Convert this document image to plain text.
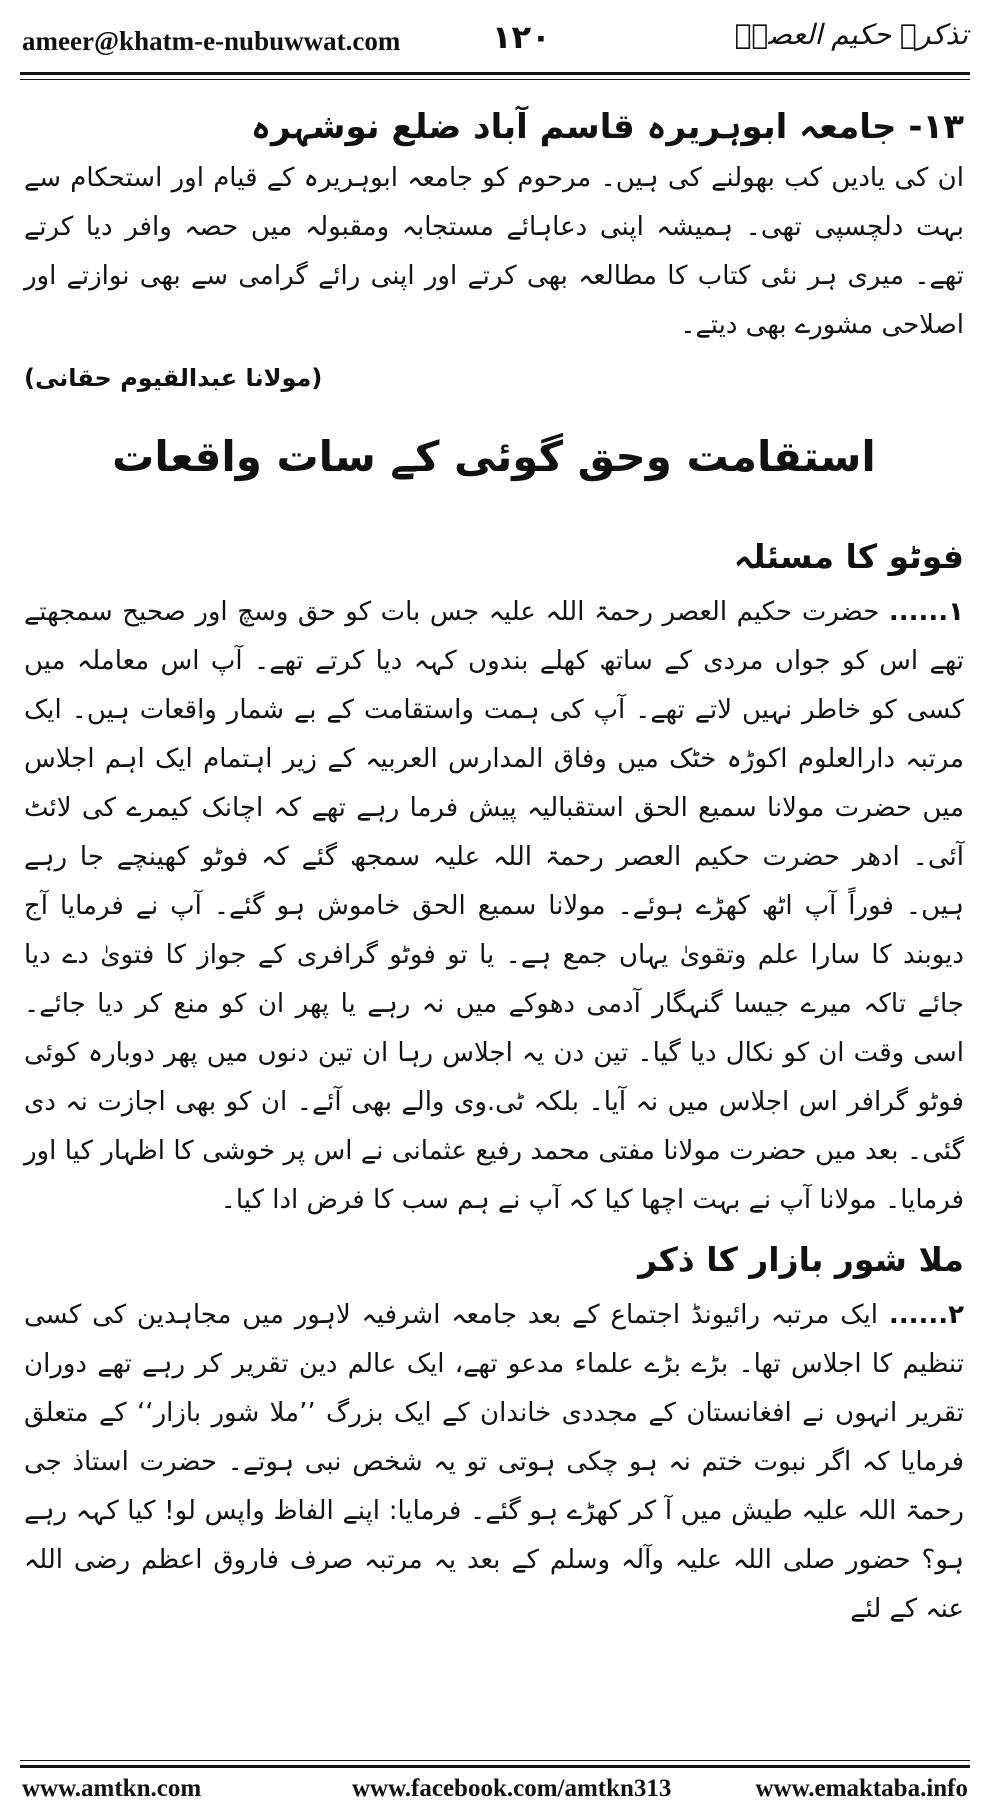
ameer@khatm-e-nubuwwat.com	۱۲۰	تذکرہ حکیم العصرؒ
۱۳- جامعہ ابوہریرہ قاسم آباد ضلع نوشہرہ

ان کی یادیں کب بھولنے کی ہیں۔ مرحوم کو جامعہ ابوہریرہ کے قیام اور استحکام سے بہت دلچسپی تھی۔ ہمیشہ اپنی دعاہائے مستجابہ ومقبولہ میں حصہ وافر دیا کرتے تھے۔ میری ہر نئی کتاب کا مطالعہ بھی کرتے اور اپنی رائے گرامی سے بھی نوازتے اور اصلاحی مشورے بھی دیتے۔

(مولانا عبدالقیوم حقانی)
استقامت وحق گوئی کے سات واقعات
فوٹو کا مسئلہ

۱...... حضرت حکیم العصر رحمۃ اللہ علیہ جس بات کو حق وسچ اور صحیح سمجھتے تھے اس کو جواں مردی کے ساتھ کھلے بندوں کہہ دیا کرتے تھے۔ آپ اس معاملہ میں کسی کو خاطر نہیں لاتے تھے۔ آپ کی ہمت واستقامت کے بے شمار واقعات ہیں۔ ایک مرتبہ دارالعلوم اکوڑہ خٹک میں وفاق المدارس العربیہ کے زیر اہتمام ایک اہم اجلاس میں حضرت مولانا سمیع الحق استقبالیہ پیش فرما رہے تھے کہ اچانک کیمرے کی لائٹ آئی۔ ادھر حضرت حکیم العصر رحمۃ اللہ علیہ سمجھ گئے کہ فوٹو کھینچے جا رہے ہیں۔ فوراً آپ اٹھ کھڑے ہوئے۔ مولانا سمیع الحق خاموش ہو گئے۔ آپ نے فرمایا آج دیوبند کا سارا علم وتقویٰ یہاں جمع ہے۔ یا تو فوٹو گرافری کے جواز کا فتویٰ دے دیا جائے تاکہ میرے جیسا گنہگار آدمی دھوکے میں نہ رہے یا پھر ان کو منع کر دیا جائے۔ اسی وقت ان کو نکال دیا گیا۔ تین دن یہ اجلاس رہا ان تین دنوں میں پھر دوبارہ کوئی فوٹو گرافر اس اجلاس میں نہ آیا۔ بلکہ ٹی.وی والے بھی آئے۔ ان کو بھی اجازت نہ دی گئی۔ بعد میں حضرت مولانا مفتی محمد رفیع عثمانی نے اس پر خوشی کا اظہار کیا اور فرمایا۔ مولانا آپ نے بہت اچھا کیا کہ آپ نے ہم سب کا فرض ادا کیا۔

ملا شور بازار کا ذکر

۲...... ایک مرتبہ رائیونڈ اجتماع کے بعد جامعہ اشرفیہ لاہور میں مجاہدین کی کسی تنظیم کا اجلاس تھا۔ بڑے بڑے علماء مدعو تھے، ایک عالم دین تقریر کر رہے تھے دوران تقریر انہوں نے افغانستان کے مجددی خاندان کے ایک بزرگ ’’ملا شور بازار‘‘ کے متعلق فرمایا کہ اگر نبوت ختم نہ ہو چکی ہوتی تو یہ شخص نبی ہوتے۔ حضرت استاذ جی رحمۃ اللہ علیہ طیش میں آ کر کھڑے ہو گئے۔ فرمایا: اپنے الفاظ واپس لو! کیا کہہ رہے ہو؟ حضور صلی اللہ علیہ وآلہ وسلم کے بعد یہ مرتبہ صرف فاروق اعظم رضی اللہ عنہ کے لئے

www.amtkn.com	www.facebook.com/amtkn313	www.emaktaba.info
